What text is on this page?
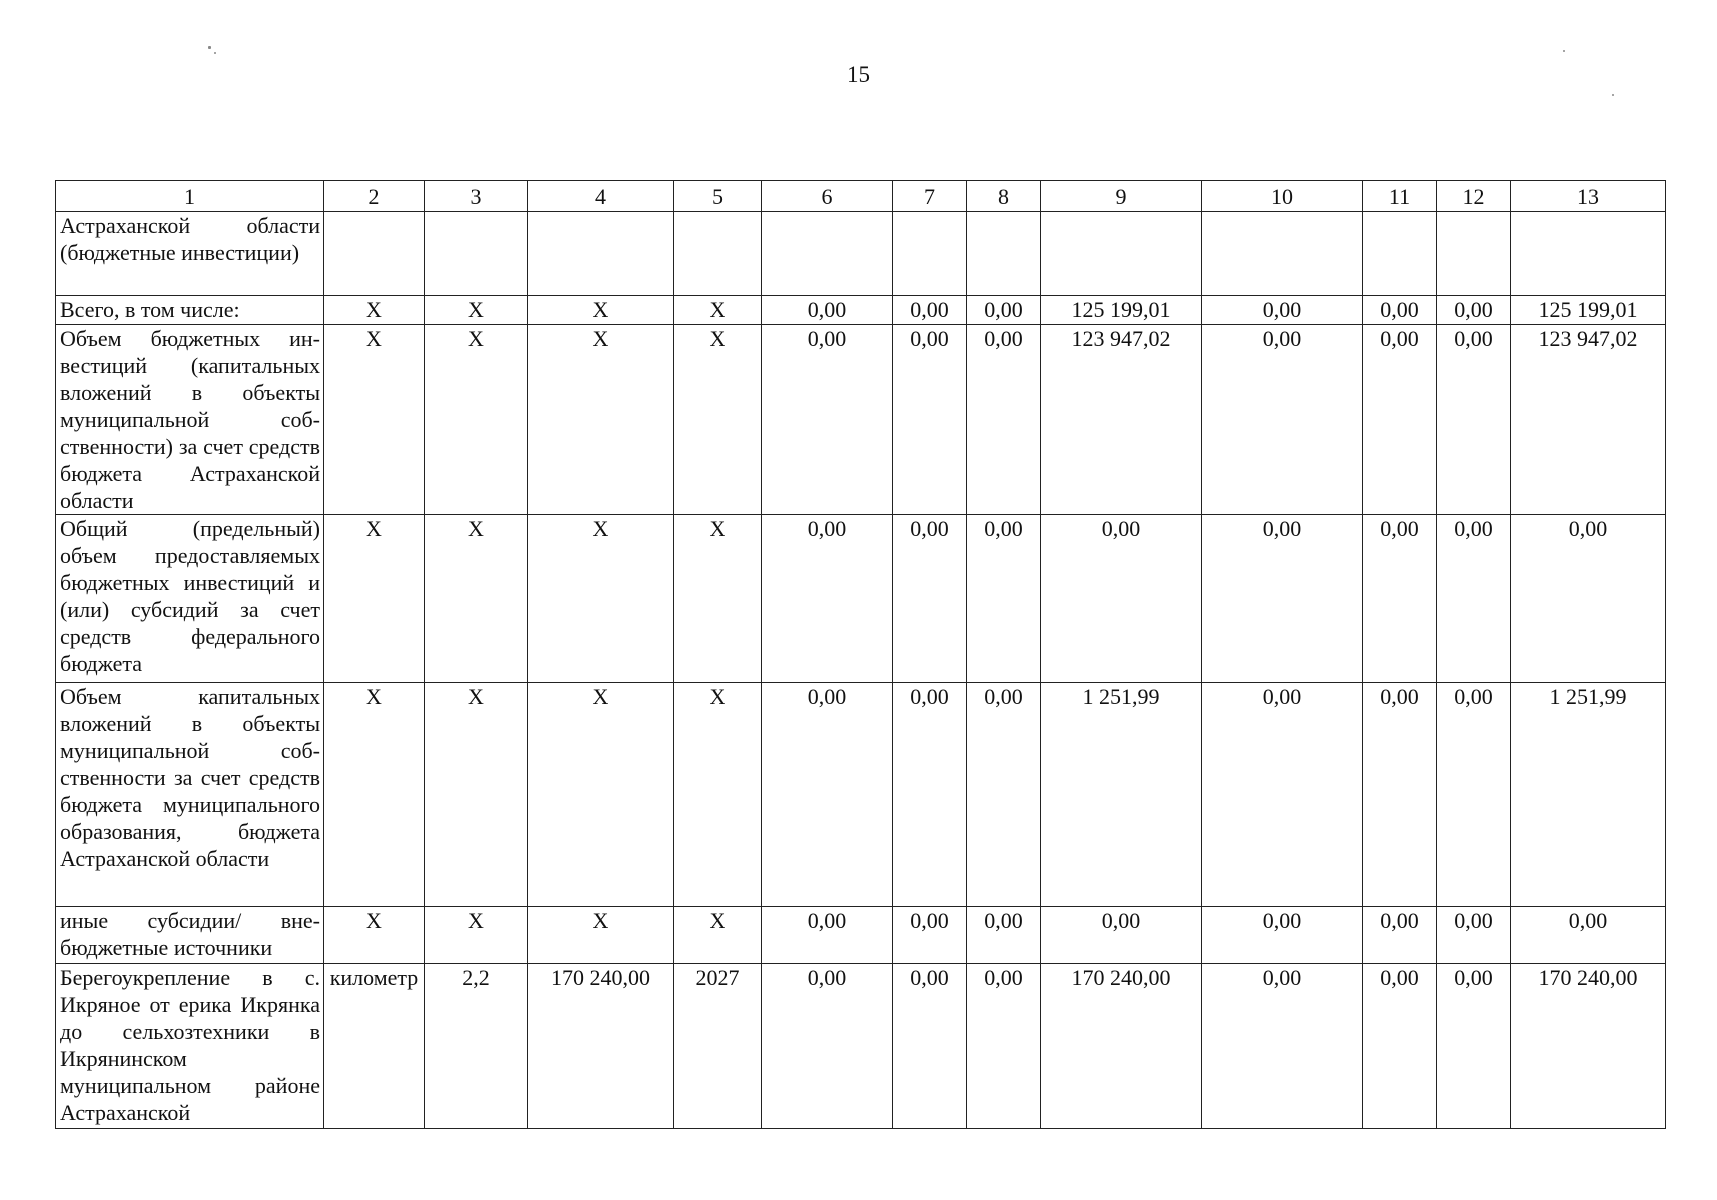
15
1	2	3	4	5	6	7	8	9	10	11	12	13
Астраханской области (бюджетные инвестиции)												
Всего, в том числе:	X	X	X	X	0,00	0,00	0,00	125 199,01	0,00	0,00	0,00	125 199,01
Объем бюджетных инвестиций (капитальных вложений в объекты муниципальной собственности) за счет средств бюджета Астраханской области	X	X	X	X	0,00	0,00	0,00	123 947,02	0,00	0,00	0,00	123 947,02
Общий (предельный) объем предоставляемых бюджетных инвестиций и (или) субсидий за счет средств федерального бюджета	X	X	X	X	0,00	0,00	0,00	0,00	0,00	0,00	0,00	0,00
Объем капитальных вложений в объекты муниципальной собственности за счет средств бюджета муниципального образования, бюджета Астраханской области	X	X	X	X	0,00	0,00	0,00	1 251,99	0,00	0,00	0,00	1 251,99
иные субсидии/ внебюджетные источники	X	X	X	X	0,00	0,00	0,00	0,00	0,00	0,00	0,00	0,00
Берегоукрепление в с. Икряное от ерика Икрянка до сельхозтехники в Икрянинском муниципальном районе Астраханской	километр	2,2	170 240,00	2027	0,00	0,00	0,00	170 240,00	0,00	0,00	0,00	170 240,00
